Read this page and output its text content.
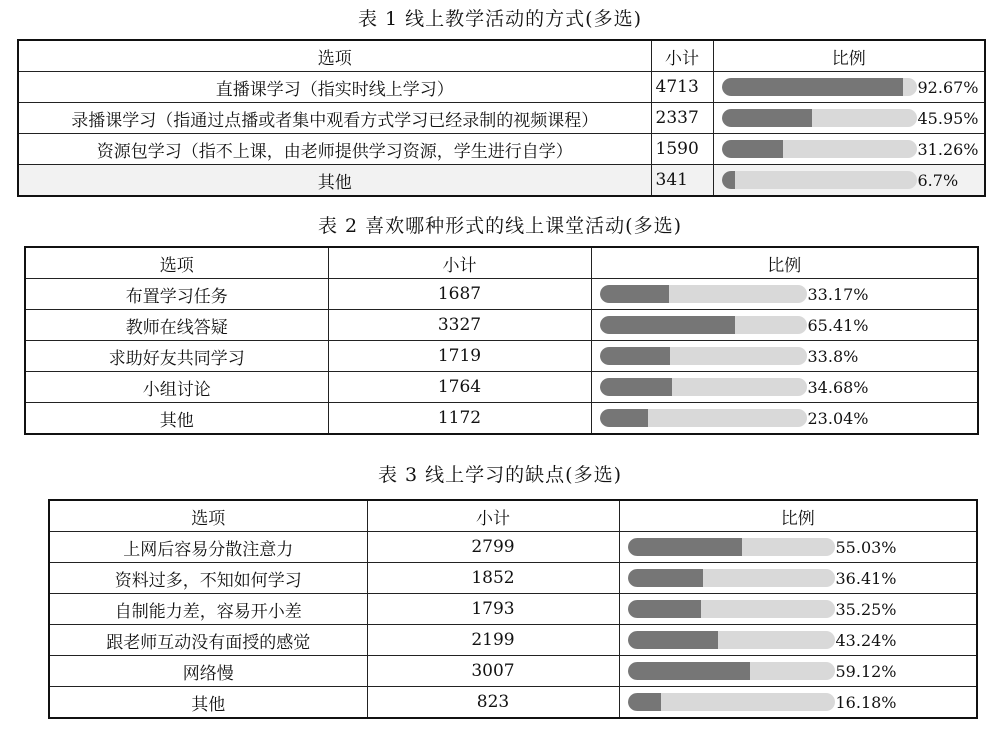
表 1 线上教学活动的方式(多选)
选项	小计	比例
直播课学习（指实时线上学习）	4713	92.67%

录播课学习（指通过点播或者集中观看方式学习已经录制的视频课程）	2337	45.95%

资源包学习（指不上课，由老师提供学习资源，学生进行自学）	1590	31.26%

其他	341	6.7%
表 2 喜欢哪种形式的线上课堂活动(多选)
选项	小计	比例
布置学习任务	1687	33.17%

教师在线答疑	3327	65.41%

求助好友共同学习	1719	33.8%

小组讨论	1764	34.68%

其他	1172	23.04%
表 3 线上学习的缺点(多选)
选项	小计	比例
上网后容易分散注意力	2799	55.03%

资料过多，不知如何学习	1852	36.41%

自制能力差，容易开小差	1793	35.25%

跟老师互动没有面授的感觉	2199	43.24%

网络慢	3007	59.12%

其他	823	16.18%
